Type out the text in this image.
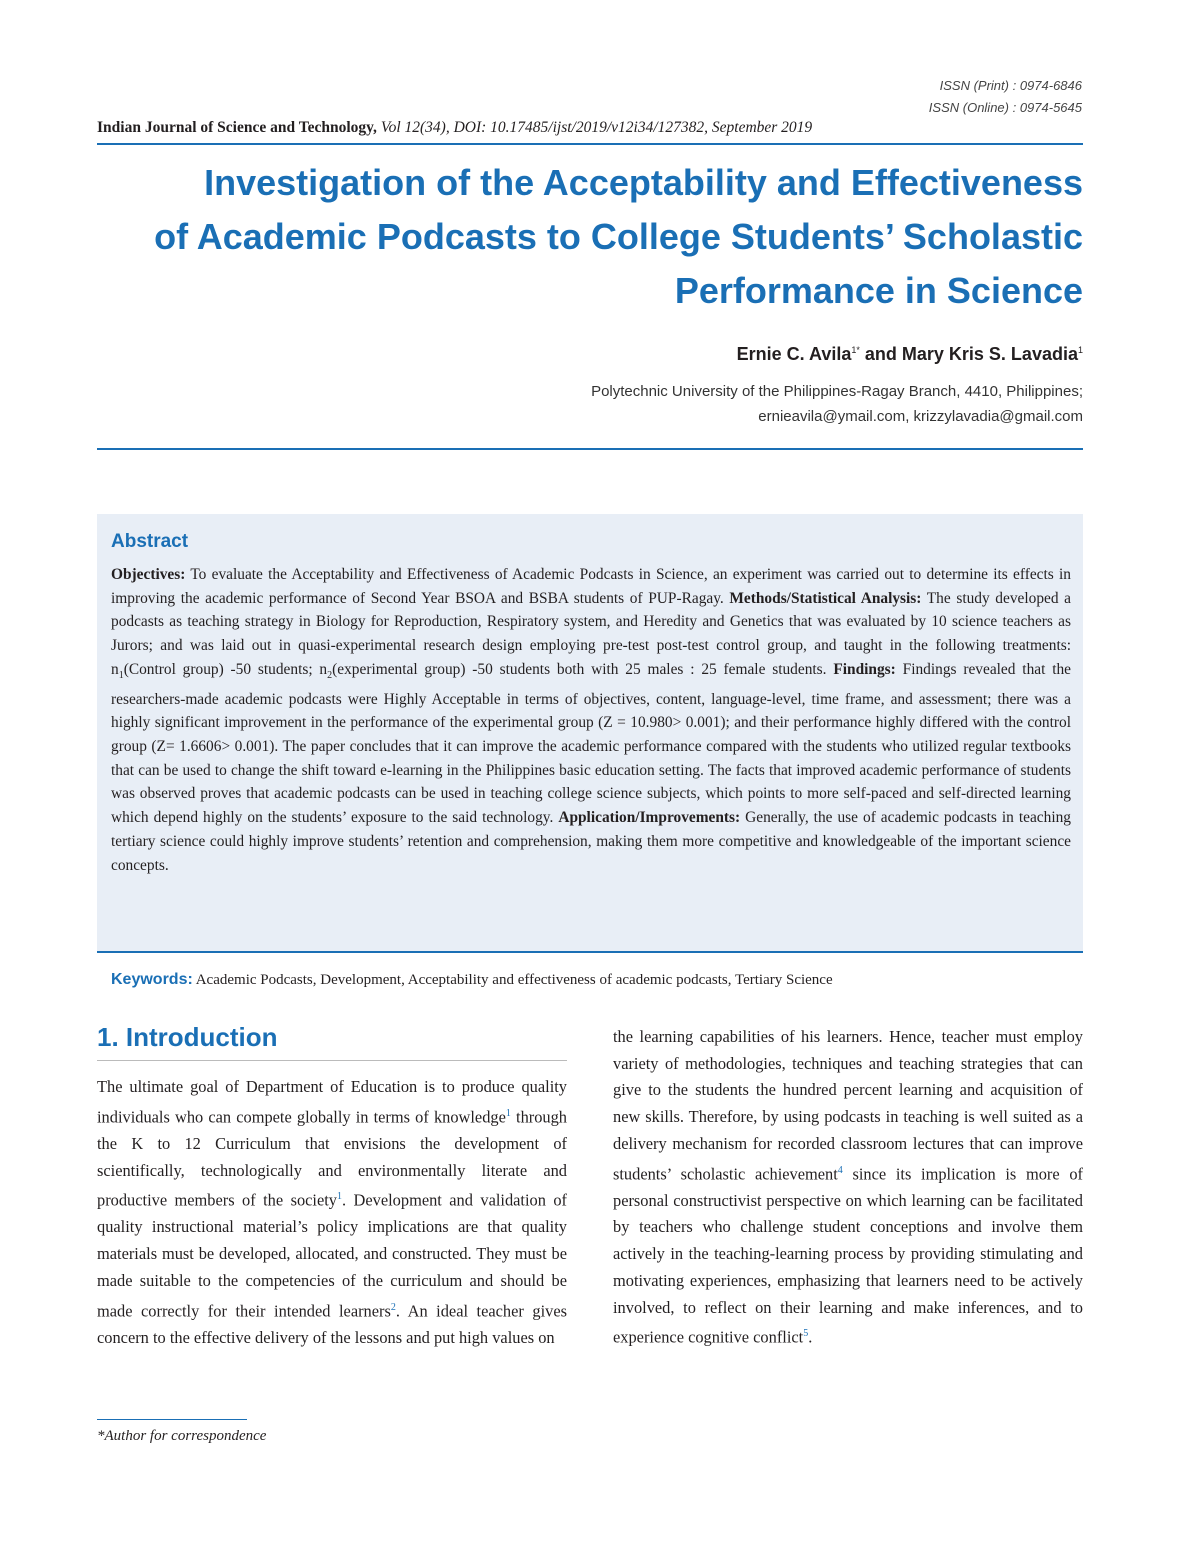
ISSN (Print) : 0974-6846
ISSN (Online) : 0974-5645
Indian Journal of Science and Technology, Vol 12(34), DOI: 10.17485/ijst/2019/v12i34/127382, September 2019
Investigation of the Acceptability and Effectiveness
of Academic Podcasts to College Students’ Scholastic
Performance in Science
Ernie C. Avila$^{1*}$ and Mary Kris S. Lavadia$^1$
Polytechnic University of the Philippines-Ragay Branch, 4410, Philippines;
ernieavila@ymail.com, krizzylavadia@gmail.com
Abstract
Objectives: To evaluate the Acceptability and Effectiveness of Academic Podcasts in Science, an experiment was carried out to determine its effects in improving the academic performance of Second Year BSOA and BSBA students of PUP-Ragay. Methods/Statistical Analysis: The study developed a podcasts as teaching strategy in Biology for Reproduction, Respiratory system, and Heredity and Genetics that was evaluated by 10 science teachers as Jurors; and was laid out in quasi-experimental research design employing pre-test post-test control group, and taught in the following treatments: $n_1(Control$ group) -50 students; $n_2(experimental$ group) -50 students both with 25 males : 25 female students. Findings: Findings revealed that the researchers-made academic podcasts were Highly Acceptable in terms of objectives, content, language-level, time frame, and assessment; there was a highly significant improvement in the performance of the experimental group (Z = 10.980> 0.001); and their performance highly differed with the control group (Z= 1.6606> 0.001). The paper concludes that it can improve the academic performance compared with the students who utilized regular textbooks that can be used to change the shift toward e-learning in the Philippines basic education setting. The facts that improved academic performance of students was observed proves that academic podcasts can be used in teaching college science subjects, which points to more self-paced and self-directed learning which depend highly on the students’ exposure to the said technology. Application/Improvements: Generally, the use of academic podcasts in teaching tertiary science could highly improve students’ retention and comprehension, making them more competitive and knowledgeable of the important science concepts.
Keywords: Academic Podcasts, Development, Acceptability and effectiveness of academic podcasts, Tertiary Science
1. Introduction
The ultimate goal of Department of Education is to produce quality individuals who can compete globally in terms of knowledge$^1$ through the K to 12 Curriculum that envisions the development of scientifically, technologically and environmentally literate and productive members of the society$^1$. Development and validation of quality instructional material’s policy implications are that quality materials must be developed, allocated, and constructed. They must be made suitable to the competencies of the curriculum and should be made correctly for their intended learners$^2$. An ideal teacher gives concern to the effective delivery of the lessons and put high values on
the learning capabilities of his learners. Hence, teacher must employ variety of methodologies, techniques and teaching strategies that can give to the students the hundred percent learning and acquisition of new skills. Therefore, by using podcasts in teaching is well suited as a delivery mechanism for recorded classroom lectures that can improve students’ scholastic achievement$^4$ since its implication is more of personal constructivist perspective on which learning can be facilitated by teachers who challenge student conceptions and involve them actively in the teaching-learning process by providing stimulating and motivating experiences, emphasizing that learners need to be actively involved, to reflect on their learning and make inferences, and to experience cognitive conflict$^5$.
*Author for correspondence
